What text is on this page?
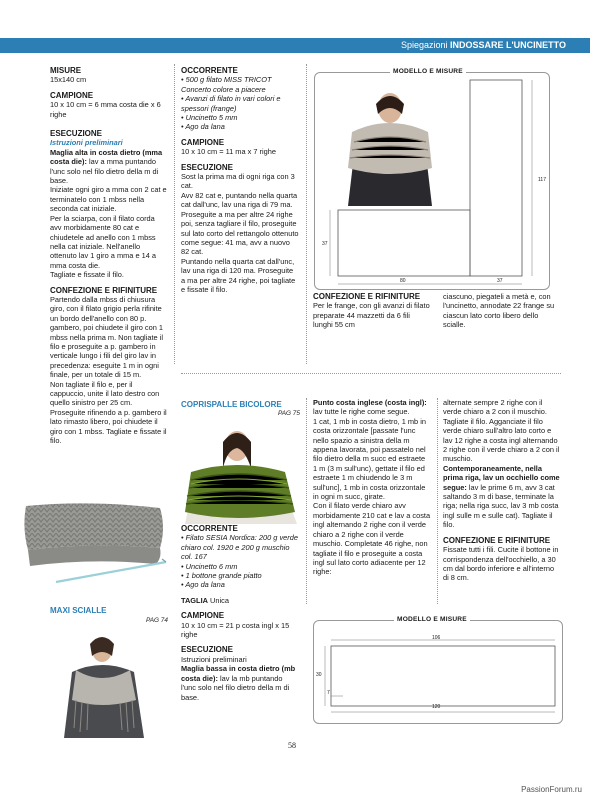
Spiegazioni INDOSSARE L'UNCINETTO

MISURE

15x140 cm

CAMPIONE

10 x 10 cm = 6 mma costa die x 6 righe

ESECUZIONE

Istruzioni preliminari

Maglia alta in costa dietro (mma costa die): lav a mma puntando l'unc solo nel filo dietro della m di base.

Iniziate ogni giro a mma con 2 cat e terminatelo con 1 mbss nella seconda cat iniziale.

Per la sciarpa, con il filato corda avv morbidamente 80 cat e chiudetele ad anello con 1 mbss nella cat iniziale. Nell'anello ottenuto lav 1 giro a mma e 14 a mma costa die.

Tagliate e fissate il filo.

CONFEZIONE E RIFINITURE

Partendo dalla mbss di chiusura giro, con il filato grigio perla rifinite un bordo dell'anello con 80 p. gambero, poi chiudete il giro con 1 mbss nella prima m. Non tagliate il filo e proseguite a p. gambero in verticale lungo i fili del giro lav in precedenza: eseguite 1 m in ogni finale, per un totale di 15 m.

Non tagliate il filo e, per il cappuccio, unite il lato destro con quello sinistro per 25 cm. Proseguite rifinendo a p. gambero il lato rimasto libero, poi chiudete il giro con 1 mbss. Tagliate e fissate il filo.

MAXI SCIALLE
PAG 74

OCCORRENTE

• 500 g filato MISS TRICOT Concerto colore a piacere

• Avanzi di filato in vari colori e spessori (frange)

• Uncinetto 5 mm

• Ago da lana

CAMPIONE

10 x 10 cm = 11 ma x 7 righe

ESECUZIONE

Sost la prima ma di ogni riga con 3 cat.

Avv 82 cat e, puntando nella quarta cat dall'unc, lav una riga di 79 ma. Proseguite a ma per altre 24 righe poi, senza tagliare il filo, proseguite sul lato corto del rettangolo ottenuto come segue: 41 ma, avv a nuovo 82 cat.

Puntando nella quarta cat dall'unc, lav una riga di 120 ma. Proseguite a ma per altre 24 righe, poi tagliate e fissate il filo.

MODELLO E MISURE
117
37
80	37

CONFEZIONE E RIFINITURE

Per le frange, con gli avanzi di filato preparate 44 mazzetti da 6 fili lunghi 55 cm

ciascuno, piegateli a metà e, con l'uncinetto, annodate 22 frange su ciascun lato corto libero dello scialle.

COPRISPALLE BICOLORE
PAG 75

OCCORRENTE

• Filato SESIA Nordica: 200 g verde chiaro col. 1920 e 200 g muschio col. 167

• Uncinetto 6 mm

• 1 bottone grande piatto

• Ago da lana

TAGLIA Unica

CAMPIONE

10 x 10 cm = 21 p costa ingl x 15 righe

ESECUZIONE

Istruzioni preliminari

Maglia bassa in costa dietro (mb costa die): lav la mb puntando l'unc solo nel filo dietro della m di base.

Punto costa inglese (costa ingl): lav tutte le righe come segue.

1 cat, 1 mb in costa dietro, 1 mb in costa orizzontale [passate l'unc nello spazio a sinistra della m appena lavorata, poi passatelo nel filo dietro della m succ ed estraete 1 m (3 m sull'unc), gettate il filo ed estraete 1 m chiudendo le 3 m sull'unc], 1 mb in costa orizzontale in ogni m succ, girate.

Con il filato verde chiaro avv morbidamente 210 cat e lav a costa ingl alternando 2 righe con il verde chiaro a 2 righe con il verde muschio. Completate 46 righe, non tagliate il filo e proseguite a costa ingl sul lato corto adiacente per 12 righe:

alternate sempre 2 righe con il verde chiaro a 2 con il muschio.

Tagliate il filo. Agganciate il filo verde chiaro sull'altro lato corto e lav 12 righe a costa ingl alternando 2 righe con il verde chiaro a 2 con il muschio.

Contemporaneamente, nella prima riga, lav un occhiello come segue: lav le prime 6 m, avv 3 cat saltando 3 m di base, terminate la riga; nella riga succ, lav 3 mb costa ingl sulle m e sulle cat). Tagliate il filo.

CONFEZIONE E RIFINITURE

Fissate tutti i fili. Cucite il bottone in corrispondenza dell'occhiello, a 30 cm dal bordo inferiore e all'interno di 8 cm.

MODELLO E MISURE
106
30
7
120
58
PassionForum.ru
